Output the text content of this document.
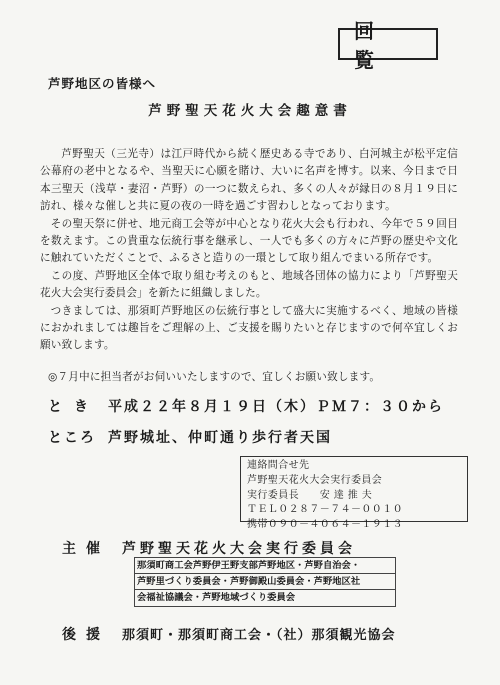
回 覧
芦野地区の皆様へ
芦野聖天花火大会趣意書

芦野聖天（三光寺）は江戸時代から続く歴史ある寺であり、白河城主が松平定信公幕府の老中となるや、当聖天に心願を賭け、大いに名声を博す。以来、今日まで日本三聖天（浅草・妻沼・芦野）の一つに数えられ、多くの人々が縁日の８月１９日に訪れ、様々な催しと共に夏の夜の一時を過ごす習わしとなっております。

その聖天祭に併せ、地元商工会等が中心となり花火大会も行われ、今年で５９回目を数えます。この貴重な伝統行事を継承し、一人でも多くの方々に芦野の歴史や文化に触れていただくことで、ふるさと造りの一環として取り組んでまいる所存です。

この度、芦野地区全体で取り組む考えのもと、地域各団体の協力により「芦野聖天花火大会実行委員会」を新たに組織しました。

つきましては、那須町芦野地区の伝統行事として盛大に実施するべく、地域の皆様におかれましては趣旨をご理解の上、ご支援を賜りたいと存じますので何卒宜しくお願い致します。

◎７月中に担当者がお伺いいたしますので、宜しくお願い致します。
とき 平成２２年８月１９日（木）ＰＭ７：３０から
ところ 芦野城址、仲町通り歩行者天国
連絡問合せ先
芦野聖天花火大会実行委員会
実行委員長　　安 達 推 夫
ＴＥＬ０２８７－７４－００１０
携帯０９０－４０６４－１９１３
主催 芦野聖天花火大会実行委員会
那須町商工会芦野伊王野支部芦野地区・芦野自治会・
芦野里づくり委員会・芦野御殿山委員会・芦野地区社
会福祉協議会・芦野地域づくり委員会
後援 那須町・那須町商工会・（社）那須観光協会
